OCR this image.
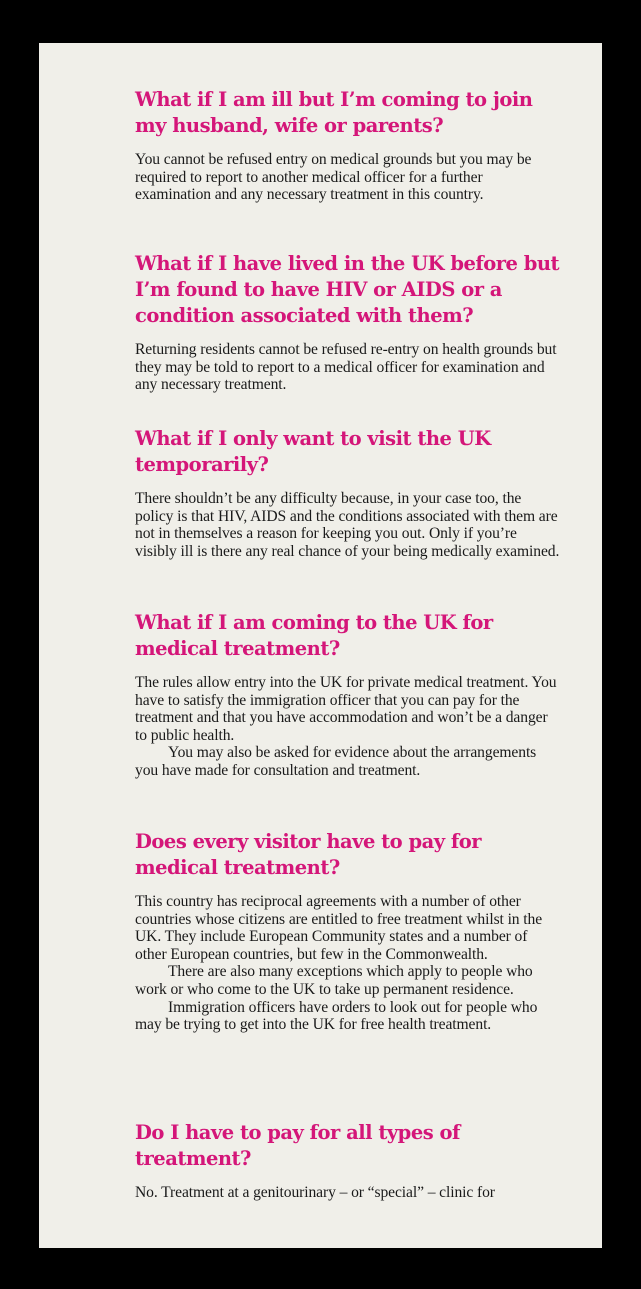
What if I am ill but I’m coming to join my husband, wife or parents?

You cannot be refused entry on medical grounds but you may be required to report to another medical officer for a further examination and any necessary treatment in this country.

What if I have lived in the UK before but I’m found to have HIV or AIDS or a condition associated with them?

Returning residents cannot be refused re-entry on health grounds but they may be told to report to a medical officer for examination and any necessary treatment.

What if I only want to visit the UK temporarily?

There shouldn’t be any difficulty because, in your case too, the policy is that HIV, AIDS and the conditions associated with them are not in themselves a reason for keeping you out. Only if you’re visibly ill is there any real chance of your being medically examined.

What if I am coming to the UK for medical treatment?

The rules allow entry into the UK for private medical treatment. You have to satisfy the immigration officer that you can pay for the treatment and that you have accommodation and won’t be a danger to public health.

You may also be asked for evidence about the arrangements you have made for consultation and treatment.

Does every visitor have to pay for medical treatment?

This country has reciprocal agreements with a number of other countries whose citizens are entitled to free treatment whilst in the UK. They include European Community states and a number of other European countries, but few in the Commonwealth.

There are also many exceptions which apply to people who work or who come to the UK to take up permanent residence.

Immigration officers have orders to look out for people who may be trying to get into the UK for free health treatment.

Do I have to pay for all types of treatment?

No. Treatment at a genitourinary – or “special” – clinic for
